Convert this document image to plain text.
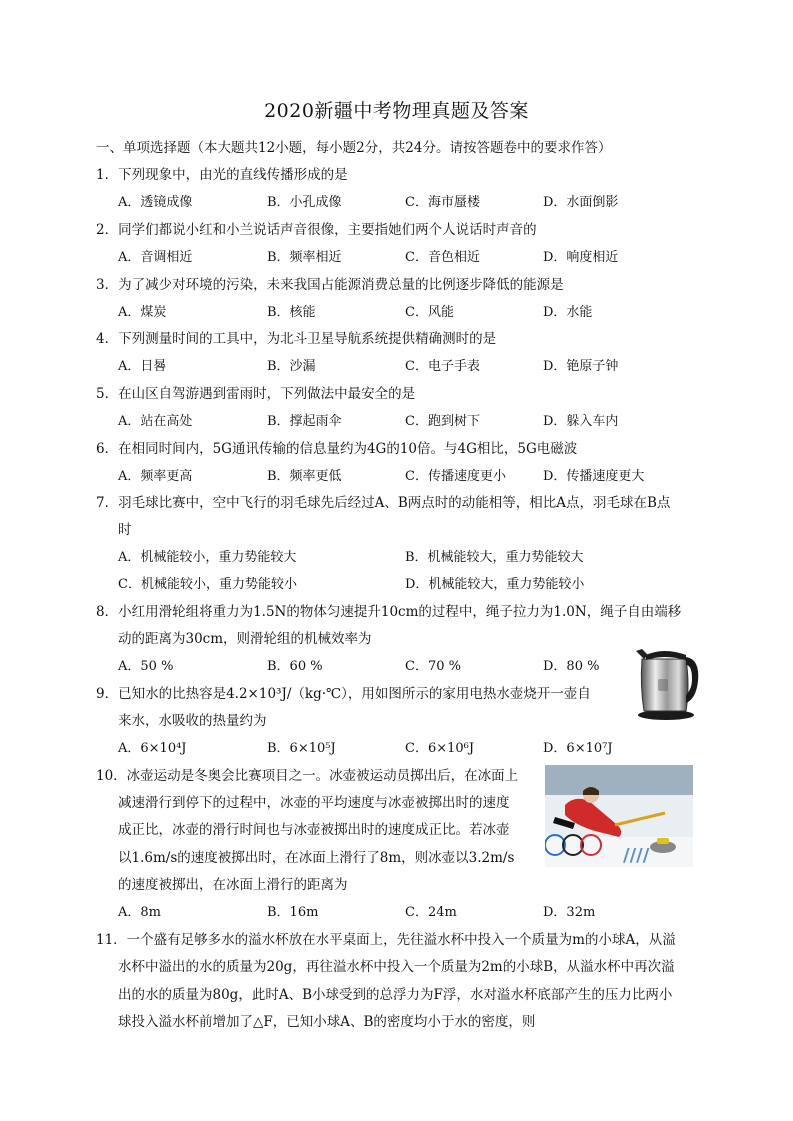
2020新疆中考物理真题及答案
一、单项选择题（本大题共12小题，每小题2分，共24分。请按答题卷中的要求作答）
1．下列现象中，由光的直线传播形成的是
A．透镜成像	B．小孔成像	C．海市蜃楼	D．水面倒影
2．同学们都说小红和小兰说话声音很像，主要指她们两个人说话时声音的
A．音调相近	B．频率相近	C．音色相近	D．响度相近
3．为了减少对环境的污染，未来我国占能源消费总量的比例逐步降低的能源是
A．煤炭	B．核能	C．风能	D．水能
4．下列测量时间的工具中，为北斗卫星导航系统提供精确测时的是
A．日晷	B．沙漏	C．电子手表	D．铯原子钟
5．在山区自驾游遇到雷雨时，下列做法中最安全的是
A．站在高处	B．撑起雨伞	C．跑到树下	D．躲入车内
6．在相同时间内，5G通讯传输的信息量约为4G的10倍。与4G相比，5G电磁波
A．频率更高	B．频率更低	C．传播速度更小	D．传播速度更大
7．羽毛球比赛中，空中飞行的羽毛球先后经过A、B两点时的动能相等，相比A点，羽毛球在B点
时
A．机械能较小，重力势能较大	B．机械能较大，重力势能较大
C．机械能较小，重力势能较小	D．机械能较大，重力势能较小
8．小红用滑轮组将重力为1.5N的物体匀速提升10cm的过程中，绳子拉力为1.0N，绳子自由端移
动的距离为30cm，则滑轮组的机械效率为
A．50 %	B．60 %	C．70 %	D．80 %
9．已知水的比热容是4.2×10³J/（kg·℃），用如图所示的家用电热水壶烧开一壶自
来水，水吸收的热量约为
A．6×10⁴J	B．6×10⁵J	C．6×10⁶J	D．6×10⁷J
10．冰壶运动是冬奥会比赛项目之一。冰壶被运动员掷出后，在冰面上
减速滑行到停下的过程中，冰壶的平均速度与冰壶被掷出时的速度
成正比，冰壶的滑行时间也与冰壶被掷出时的速度成正比。若冰壶
以1.6m/s的速度被掷出时，在冰面上滑行了8m，则冰壶以3.2m/s
的速度被掷出，在冰面上滑行的距离为
////
A．8m	B．16m	C．24m	D．32m
11．一个盛有足够多水的溢水杯放在水平桌面上，先往溢水杯中投入一个质量为m的小球A，从溢
水杯中溢出的水的质量为20g，再往溢水杯中投入一个质量为2m的小球B，从溢水杯中再次溢
出的水的质量为80g，此时A、B小球受到的总浮力为F浮，水对溢水杯底部产生的压力比两小
球投入溢水杯前增加了△F，已知小球A、B的密度均小于水的密度，则
